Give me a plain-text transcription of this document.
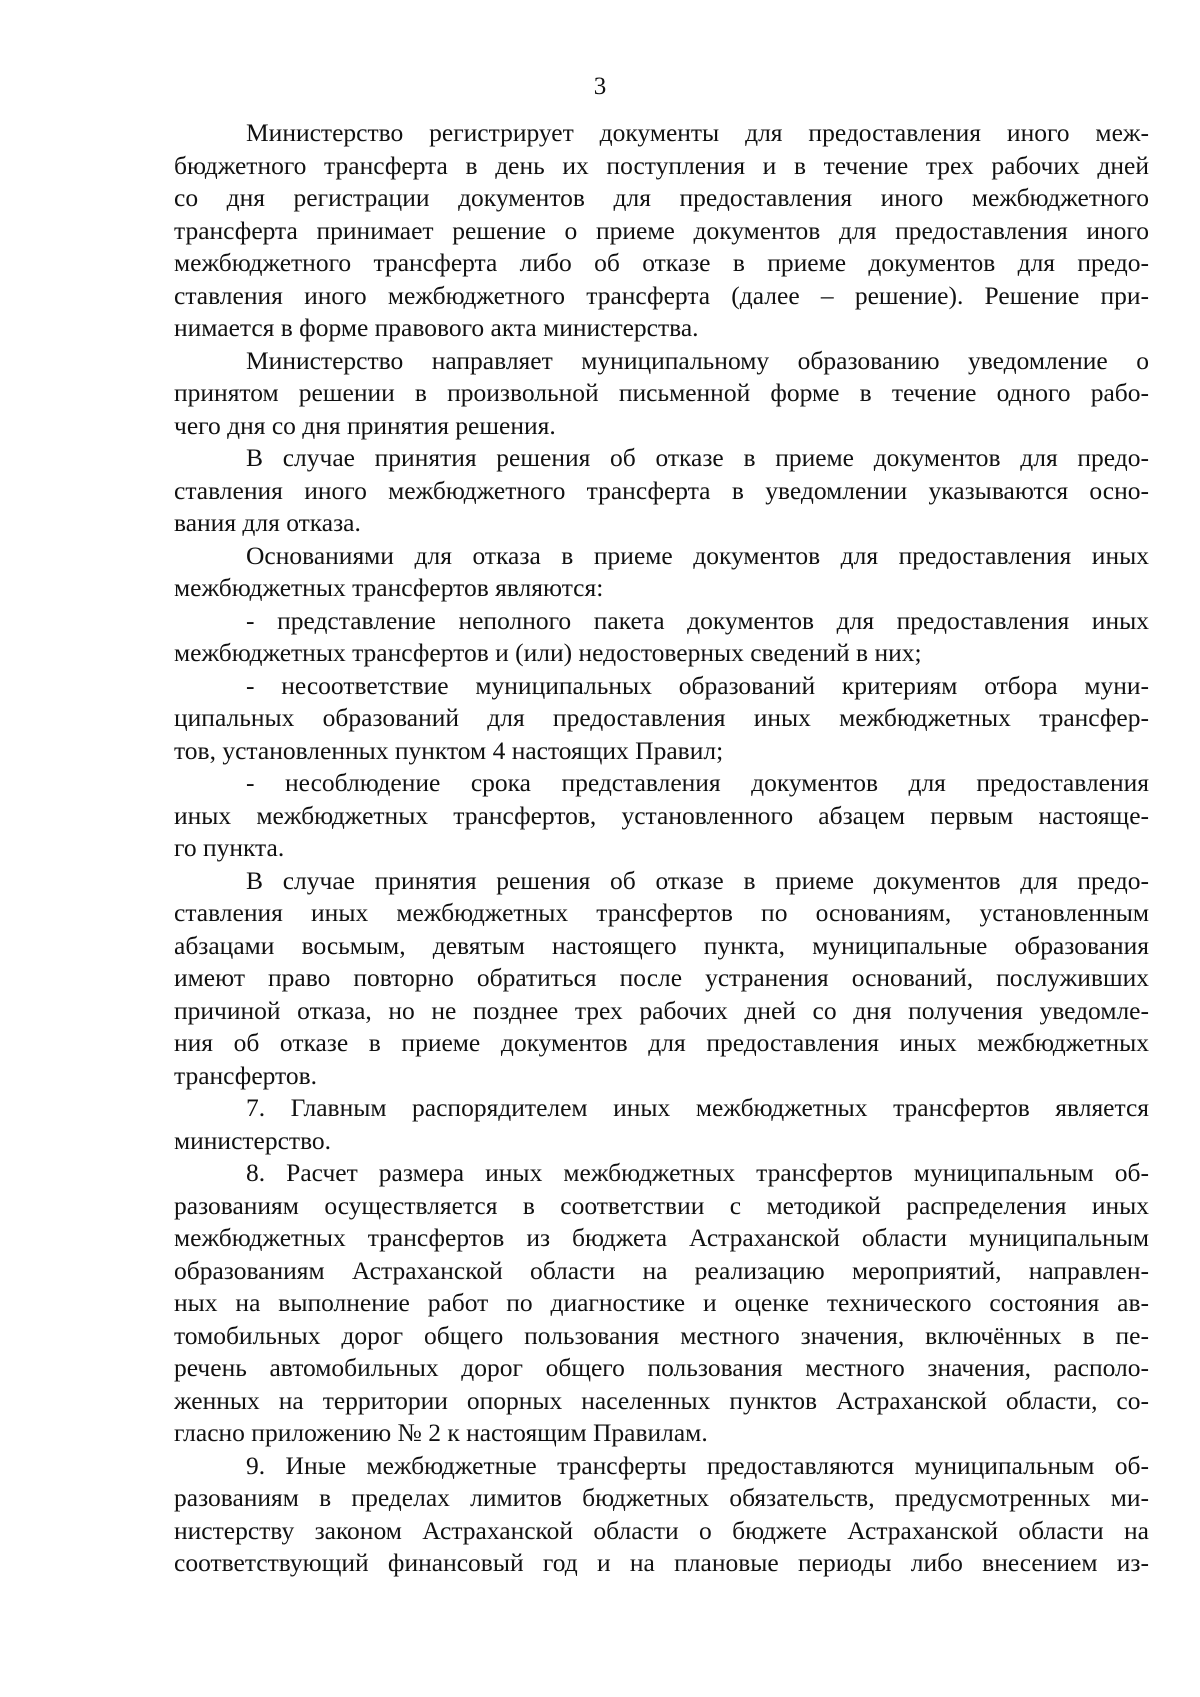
3

Министерство регистрирует документы для предоставления иного меж-
бюджетного трансферта в день их поступления и в течение трех рабочих дней
со дня регистрации документов для предоставления иного межбюджетного
трансферта принимает решение о приеме документов для предоставления иного
межбюджетного трансферта либо об отказе в приеме документов для предо-
ставления иного межбюджетного трансферта (далее – решение). Решение при-
нимается в форме правового акта министерства.

Министерство направляет муниципальному образованию уведомление о
принятом решении в произвольной письменной форме в течение одного рабо-
чего дня со дня принятия решения.

В случае принятия решения об отказе в приеме документов для предо-
ставления иного межбюджетного трансферта в уведомлении указываются осно-
вания для отказа.

Основаниями для отказа в приеме документов для предоставления иных
межбюджетных трансфертов являются:

- представление неполного пакета документов для предоставления иных
межбюджетных трансфертов и (или) недостоверных сведений в них;

- несоответствие муниципальных образований критериям отбора муни-
ципальных образований для предоставления иных межбюджетных трансфер-
тов, установленных пунктом 4 настоящих Правил;

- несоблюдение срока представления документов для предоставления
иных межбюджетных трансфертов, установленного абзацем первым настояще-
го пункта.

В случае принятия решения об отказе в приеме документов для предо-
ставления иных межбюджетных трансфертов по основаниям, установленным
абзацами восьмым, девятым настоящего пункта, муниципальные образования
имеют право повторно обратиться после устранения оснований, послуживших
причиной отказа, но не позднее трех рабочих дней со дня получения уведомле-
ния об отказе в приеме документов для предоставления иных межбюджетных
трансфертов.

7. Главным распорядителем иных межбюджетных трансфертов является
министерство.

8. Расчет размера иных межбюджетных трансфертов муниципальным об-
разованиям осуществляется в соответствии с методикой распределения иных
межбюджетных трансфертов из бюджета Астраханской области муниципальным
образованиям Астраханской области на реализацию мероприятий, направлен-
ных на выполнение работ по диагностике и оценке технического состояния ав-
томобильных дорог общего пользования местного значения, включённых в пе-
речень автомобильных дорог общего пользования местного значения, располо-
женных на территории опорных населенных пунктов Астраханской области, со-
гласно приложению № 2 к настоящим Правилам.

9. Иные межбюджетные трансферты предоставляются муниципальным об-
разованиям в пределах лимитов бюджетных обязательств, предусмотренных ми-
нистерству законом Астраханской области о бюджете Астраханской области на
соответствующий финансовый год и на плановые периоды либо внесением из-
